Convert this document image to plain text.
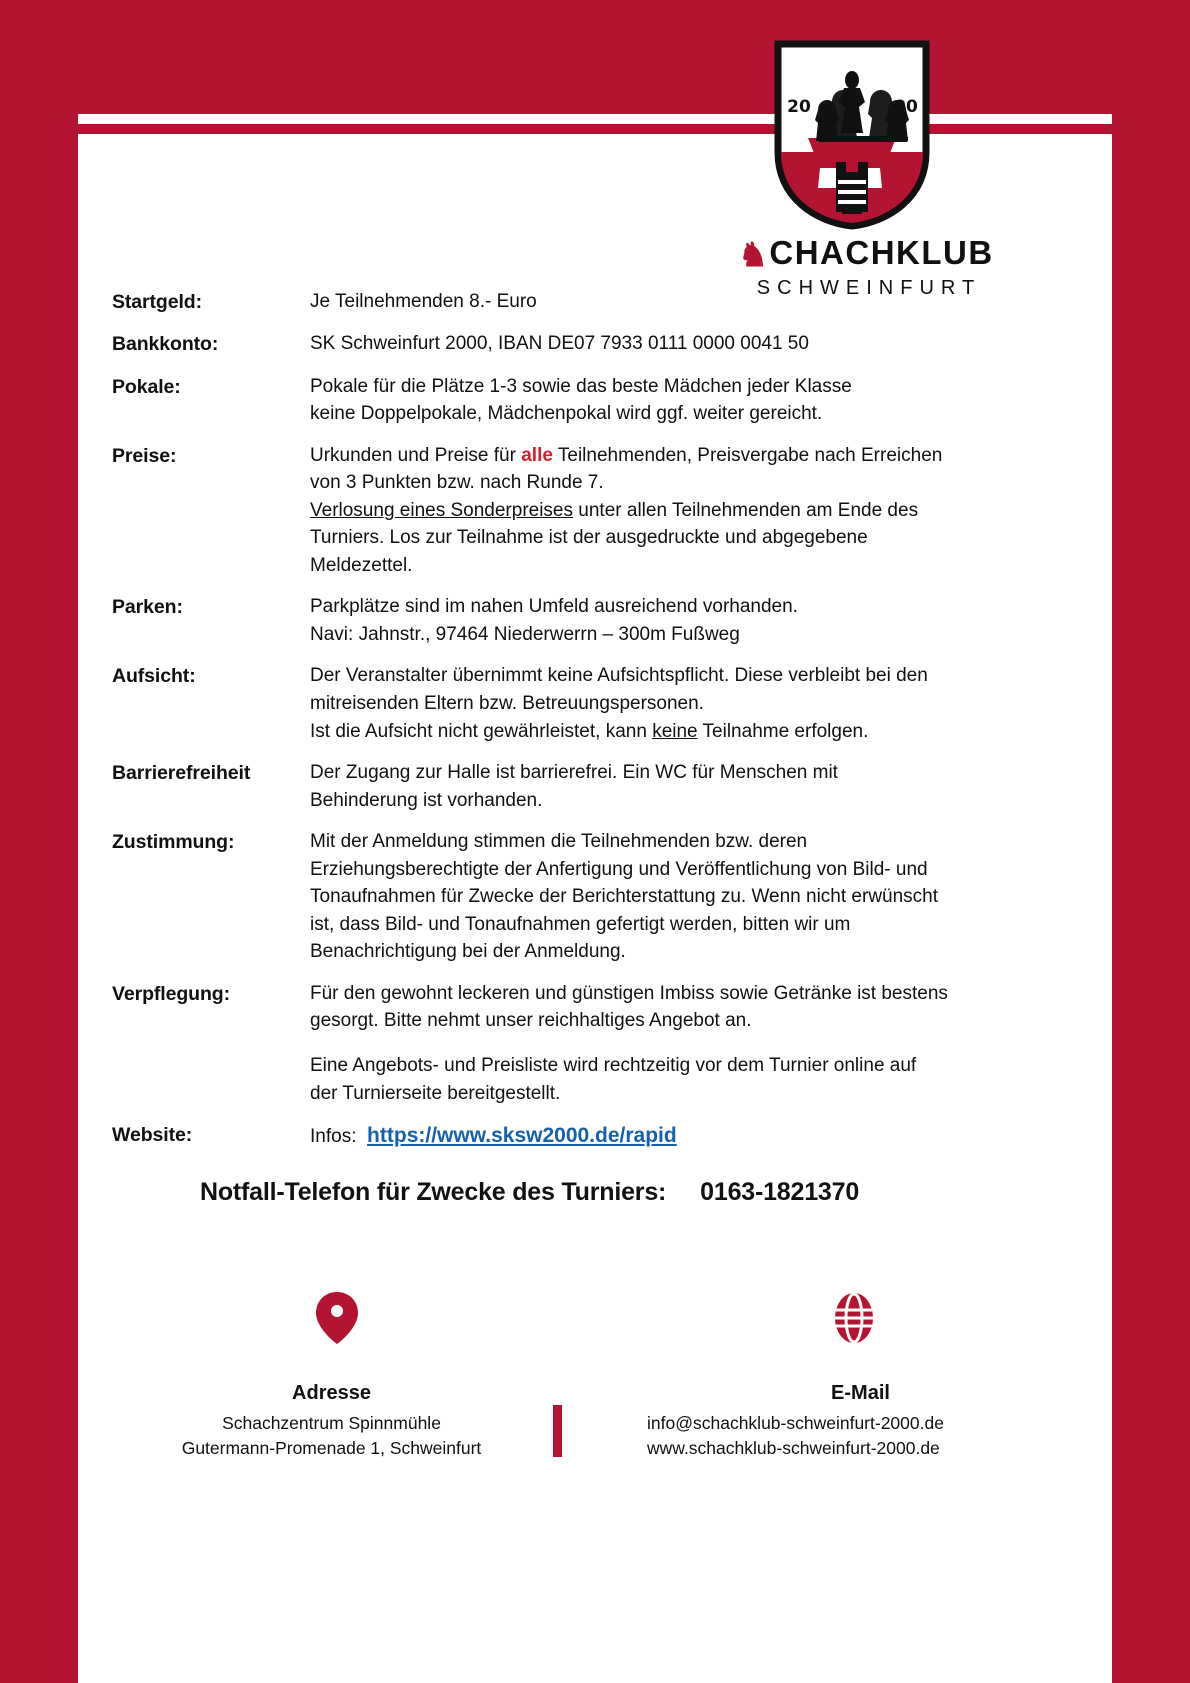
20	00
♞CHACHKLUB
SCHWEINFURT
Startgeld:	Je Teilnehmenden 8.- Euro

Bankkonto:	SK Schweinfurt 2000, IBAN DE07 7933 0111 0000 0041 50

Pokale:	Pokale für die Plätze 1-3 sowie das beste Mädchen jeder Klasse

keine Doppelpokale, Mädchenpokal wird ggf. weiter gereicht.

Preise:	Urkunden und Preise für alle Teilnehmenden, Preisvergabe nach Erreichen

von 3 Punkten bzw. nach Runde 7.

Verlosung eines Sonderpreises unter allen Teilnehmenden am Ende des

Turniers. Los zur Teilnahme ist der ausgedruckte und abgegebene

Meldezettel.

Parken:	Parkplätze sind im nahen Umfeld ausreichend vorhanden.

Navi: Jahnstr., 97464 Niederwerrn – 300m Fußweg

Aufsicht:	Der Veranstalter übernimmt keine Aufsichtspflicht. Diese verbleibt bei den

mitreisenden Eltern bzw. Betreuungspersonen.

Ist die Aufsicht nicht gewährleistet, kann keine Teilnahme erfolgen.

Barrierefreiheit	Der Zugang zur Halle ist barrierefrei. Ein WC für Menschen mit

Behinderung ist vorhanden.

Zustimmung:	Mit der Anmeldung stimmen die Teilnehmenden bzw. deren

Erziehungsberechtigte der Anfertigung und Veröffentlichung von Bild- und

Tonaufnahmen für Zwecke der Berichterstattung zu. Wenn nicht erwünscht

ist, dass Bild- und Tonaufnahmen gefertigt werden, bitten wir um

Benachrichtigung bei der Anmeldung.

Verpflegung:	Für den gewohnt leckeren und günstigen Imbiss sowie Getränke ist bestens

gesorgt. Bitte nehmt unser reichhaltiges Angebot an.

Eine Angebots- und Preisliste wird rechtzeitig vor dem Turnier online auf

der Turnierseite bereitgestellt.

Website:	Infos: https://www.sksw2000.de/rapid

Notfall-Telefon für Zwecke des Turniers: 0163-1821370
Adresse
Schachzentrum Spinnmühle
Gutermann-Promenade 1, Schweinfurt
E-Mail
info@schachklub-schweinfurt-2000.de
www.schachklub-schweinfurt-2000.de
